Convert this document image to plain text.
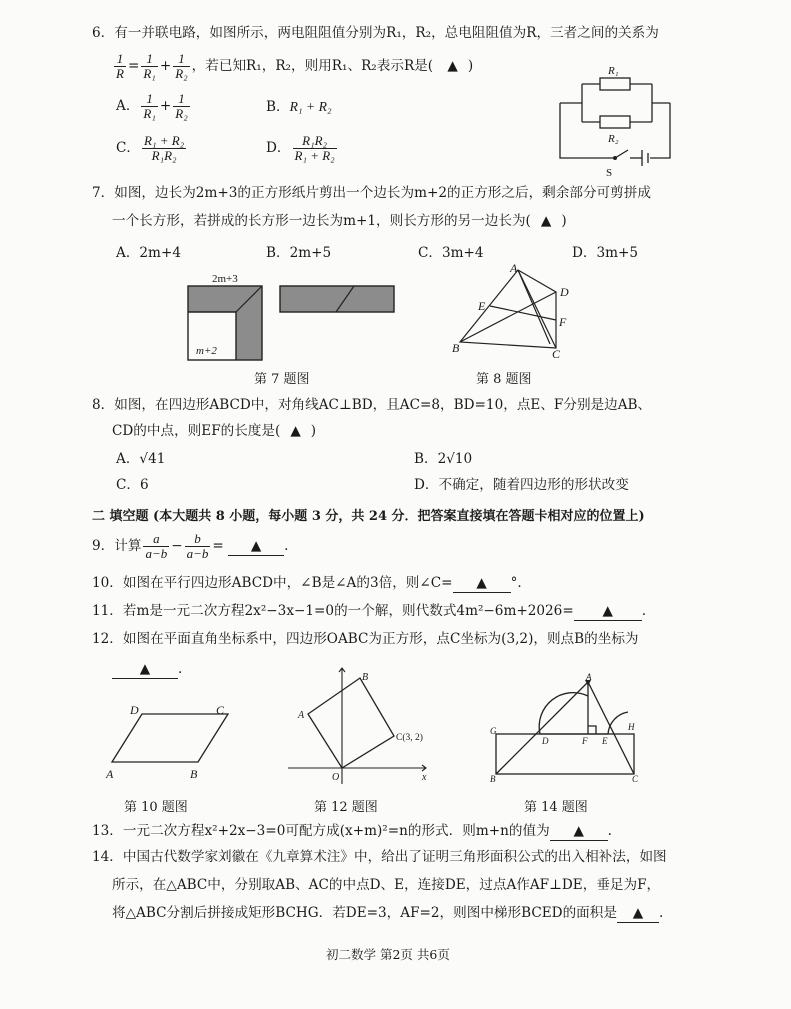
6．有一并联电路，如图所示，两电阻阻值分别为R₁，R₂，总电阻阻值为R，三者之间的关系为
$\frac{1}{R} = \frac{1}{\text{R₁}} + \frac{1}{\text{R₂}}$ ，若已知R₁，R₂，则用R₁、R₂表示R是( ▲ )
A． $\frac{1}{\text{R₁}} + \frac{1}{\text{R₂}}$	B．R₁ + R₂
C． $\frac{\text{R₁ + R₂}}{\text{R₁R₂}}$	D． $\frac{\text{R₁R₂}}{\text{R₁ + R₂}}$
R₁
R₂
S
7．如图，边长为2m+3的正方形纸片剪出一个边长为m+2的正方形之后，剩余部分可剪拼成
一个长方形，若拼成的长方形一边长为m+1，则长方形的另一边长为( ▲ )
A．2m+4	B．2m+5	C．3m+4	D．3m+5
2m+3
m+2
第 7 题图
A
D
E
F
B	C
第 8 题图
8．如图，在四边形ABCD中，对角线AC⊥BD，且AC=8，BD=10，点E、F分别是边AB、
CD的中点，则EF的长度是( ▲ )
A．√41	B．2√10
C．6	D．不确定，随着四边形的形状改变
二 填空题 (本大题共 8 小题，每小题 3 分，共 24 分．把答案直接填在答题卡相对应的位置上)
9．计算 $\frac{a}{a-b} - \frac{b}{a-b}$ = ▲ .
10．如图在平行四边形ABCD中，∠B是∠A的3倍，则∠C= ▲ °.
11．若m是一元二次方程2x²−3x−1=0的一个解，则代数式4m²−6m+2026= ▲ .
12．如图在平面直角坐标系中，四边形OABC为正方形，点C坐标为(3,2)，则点B的坐标为
▲ .
D	C
A	B
第 10 题图
B
A
C(3, 2)
O	x
第 12 题图
A
G
D	F E
H
B	C
第 14 题图
13．一元二次方程x²+2x−3=0可配方成(x+m)²=n的形式．则m+n的值为 ▲ .
14．中国古代数学家刘徽在《九章算术注》中，给出了证明三角形面积公式的出入相补法，如图
所示，在△ABC中，分别取AB、AC的中点D、E，连接DE，过点A作AF⊥DE，垂足为F，
将△ABC分割后拼接成矩形BCHG．若DE=3，AF=2，则图中梯形BCED的面积是 ▲ .
初二数学 第2页 共6页
